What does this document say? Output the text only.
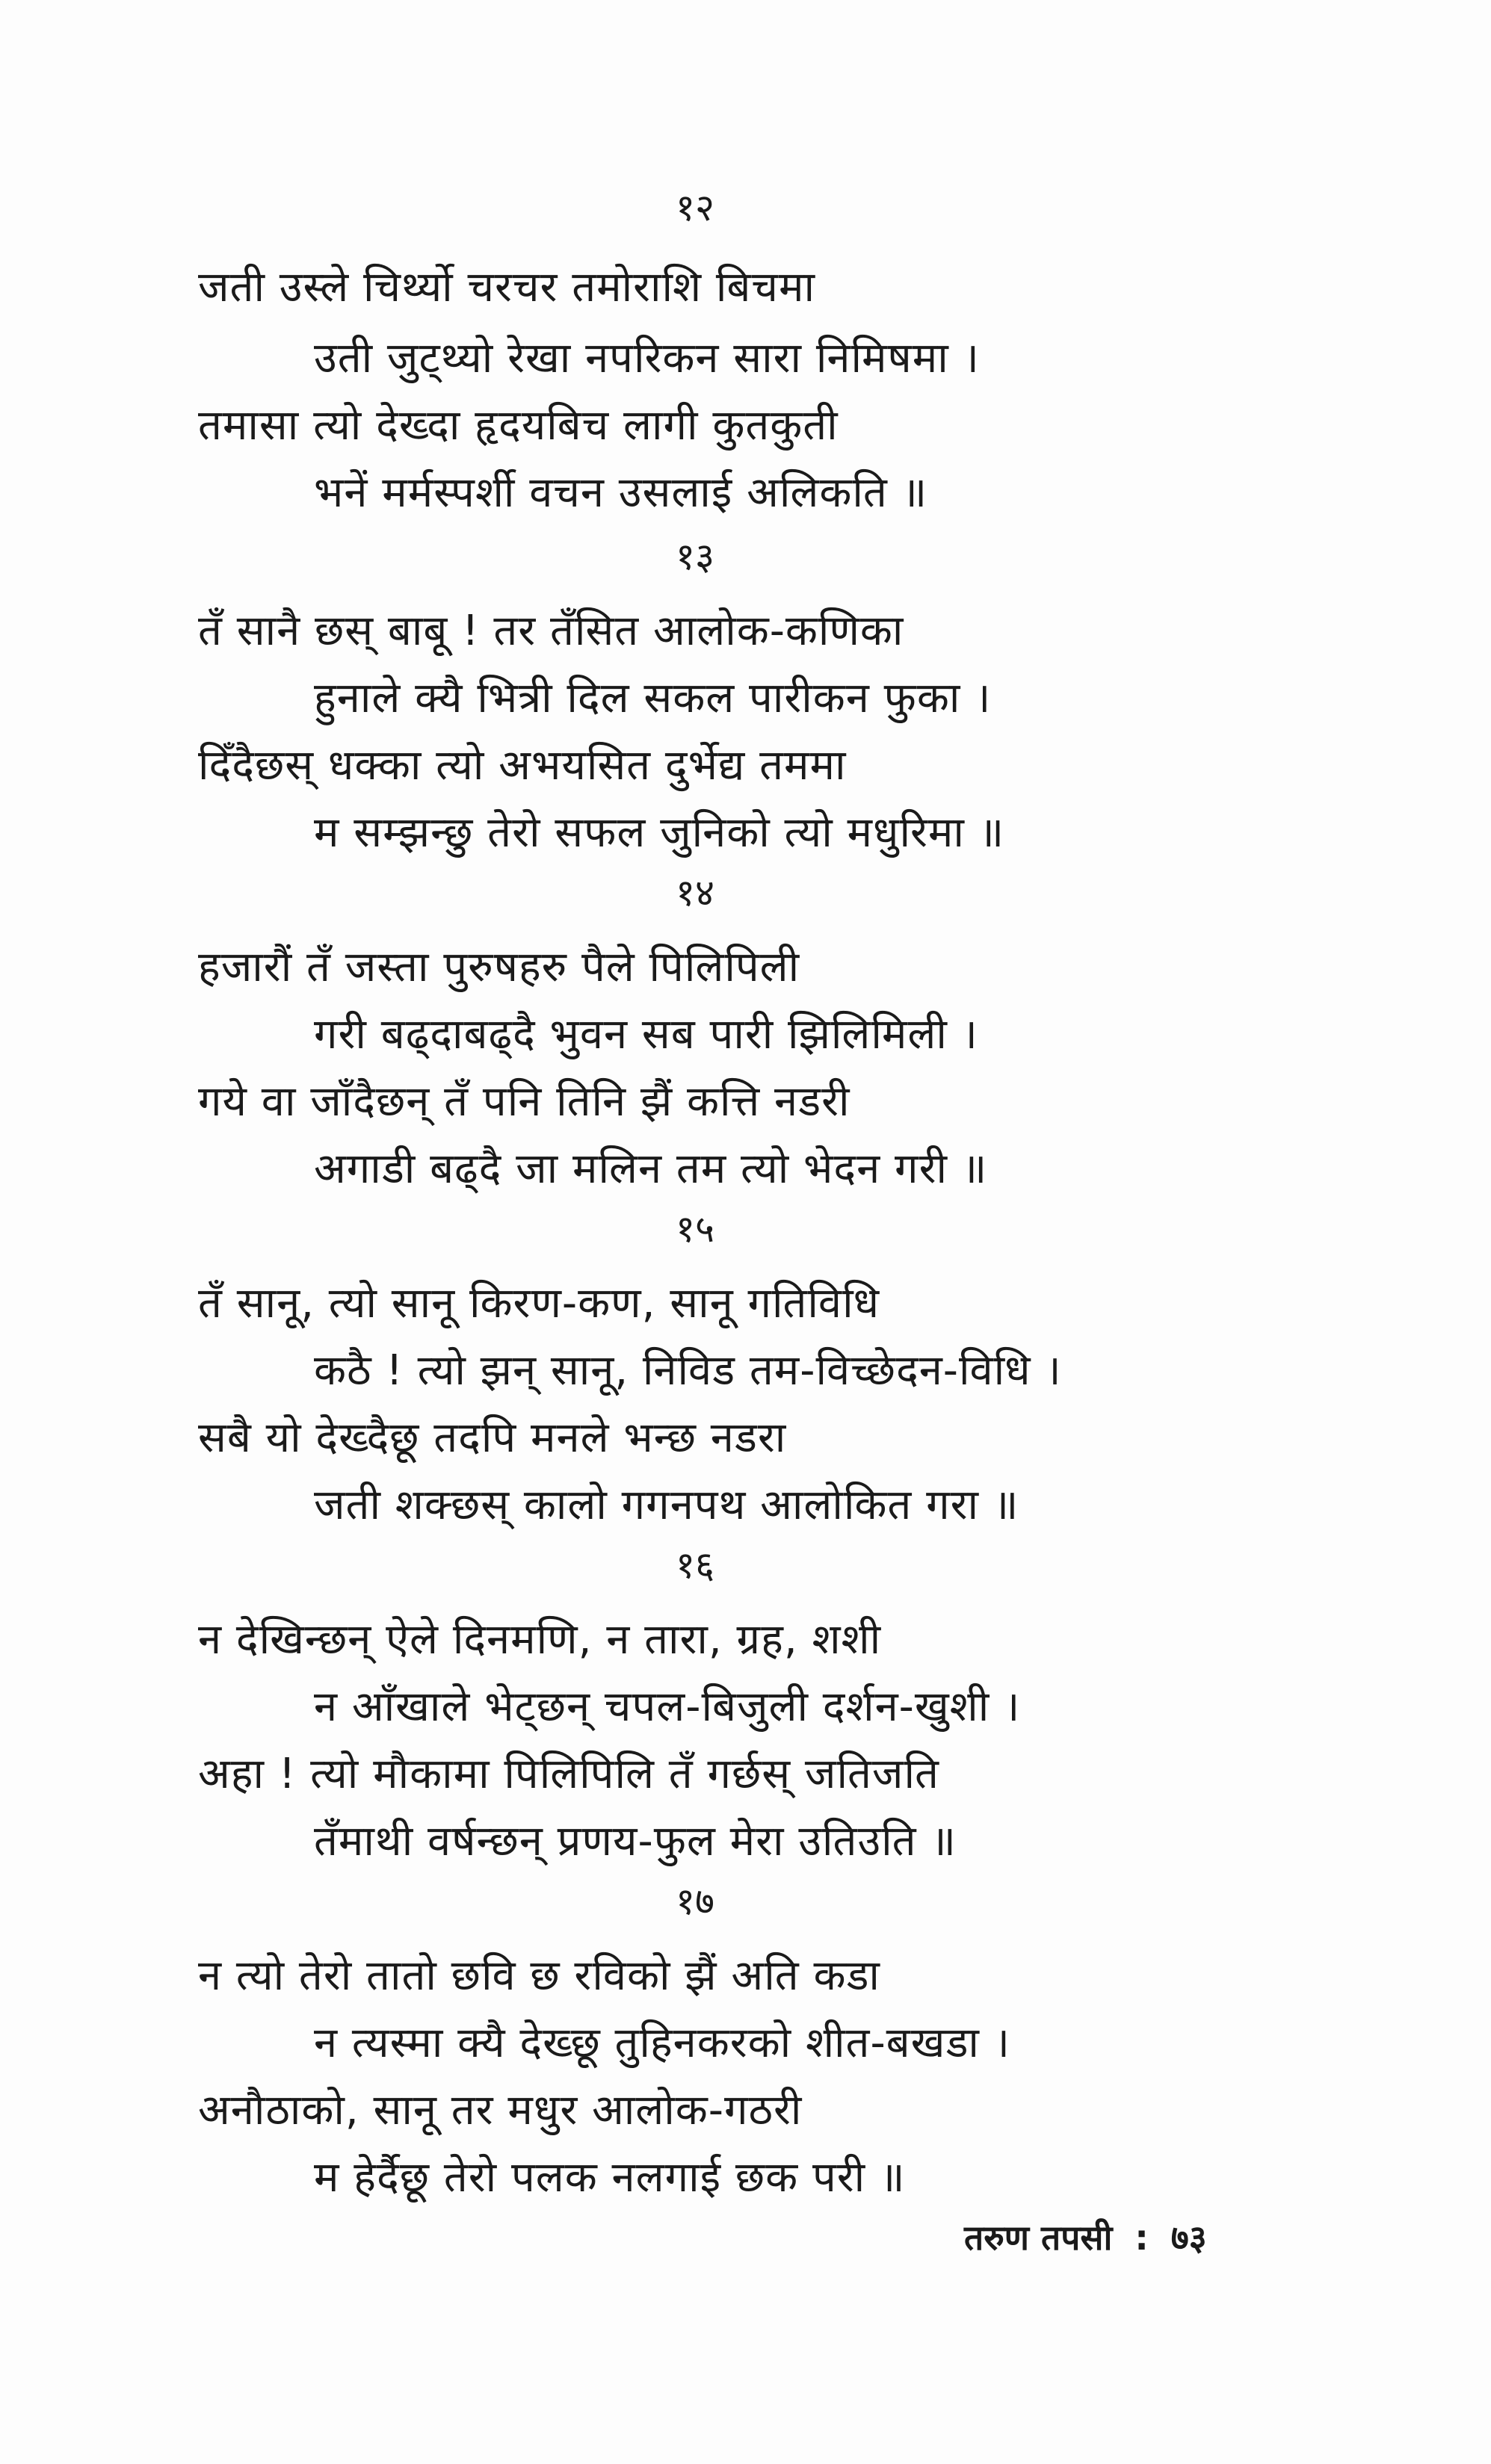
१२
जती उस्ले चिर्थ्यो चरचर तमोराशि बिचमा
उती जुट्थ्यो रेखा नपरिकन सारा निमिषमा ।
तमासा त्यो देख्दा हृदयबिच लागी कुतकुती
भनें मर्मस्पर्शी वचन उसलाई अलिकति ॥
१३
तँ सानै छस् बाबू ! तर तँसित आलोक-कणिका
हुनाले क्यै भित्री दिल सकल पारीकन फुका ।
दिँदैछस् धक्का त्यो अभयसित दुर्भेद्य तममा
म सम्झन्छु तेरो सफल जुनिको त्यो मधुरिमा ॥
१४
हजारौं तँ जस्ता पुरुषहरु पैले पिलिपिली
गरी बढ्दाबढ्दै भुवन सब पारी झिलिमिली ।
गये वा जाँदैछन् तँ पनि तिनि झैं कत्ति नडरी
अगाडी बढ्दै जा मलिन तम त्यो भेदन गरी ॥
१५
तँ सानू, त्यो सानू किरण-कण, सानू गतिविधि
कठै ! त्यो झन् सानू, निविड तम-विच्छेदन-विधि ।
सबै यो देख्दैछू तदपि मनले भन्छ नडरा
जती शक्छस् कालो गगनपथ आलोकित गरा ॥
१६
न देखिन्छन् ऐले दिनमणि, न तारा, ग्रह, शशी
न आँखाले भेट्छन् चपल-बिजुली दर्शन-खुशी ।
अहा ! त्यो मौकामा पिलिपिलि तँ गर्छस् जतिजति
तँमाथी वर्षन्छन् प्रणय-फुल मेरा उतिउति ॥
१७
न त्यो तेरो तातो छवि छ रविको झैं अति कडा
न त्यस्मा क्यै देख्छू तुहिनकरको शीत-बखडा ।
अनौठाको, सानू तर मधुर आलोक-गठरी
म हेर्दैछू तेरो पलक नलगाई छक परी ॥
तरुण तपसी : ७३
